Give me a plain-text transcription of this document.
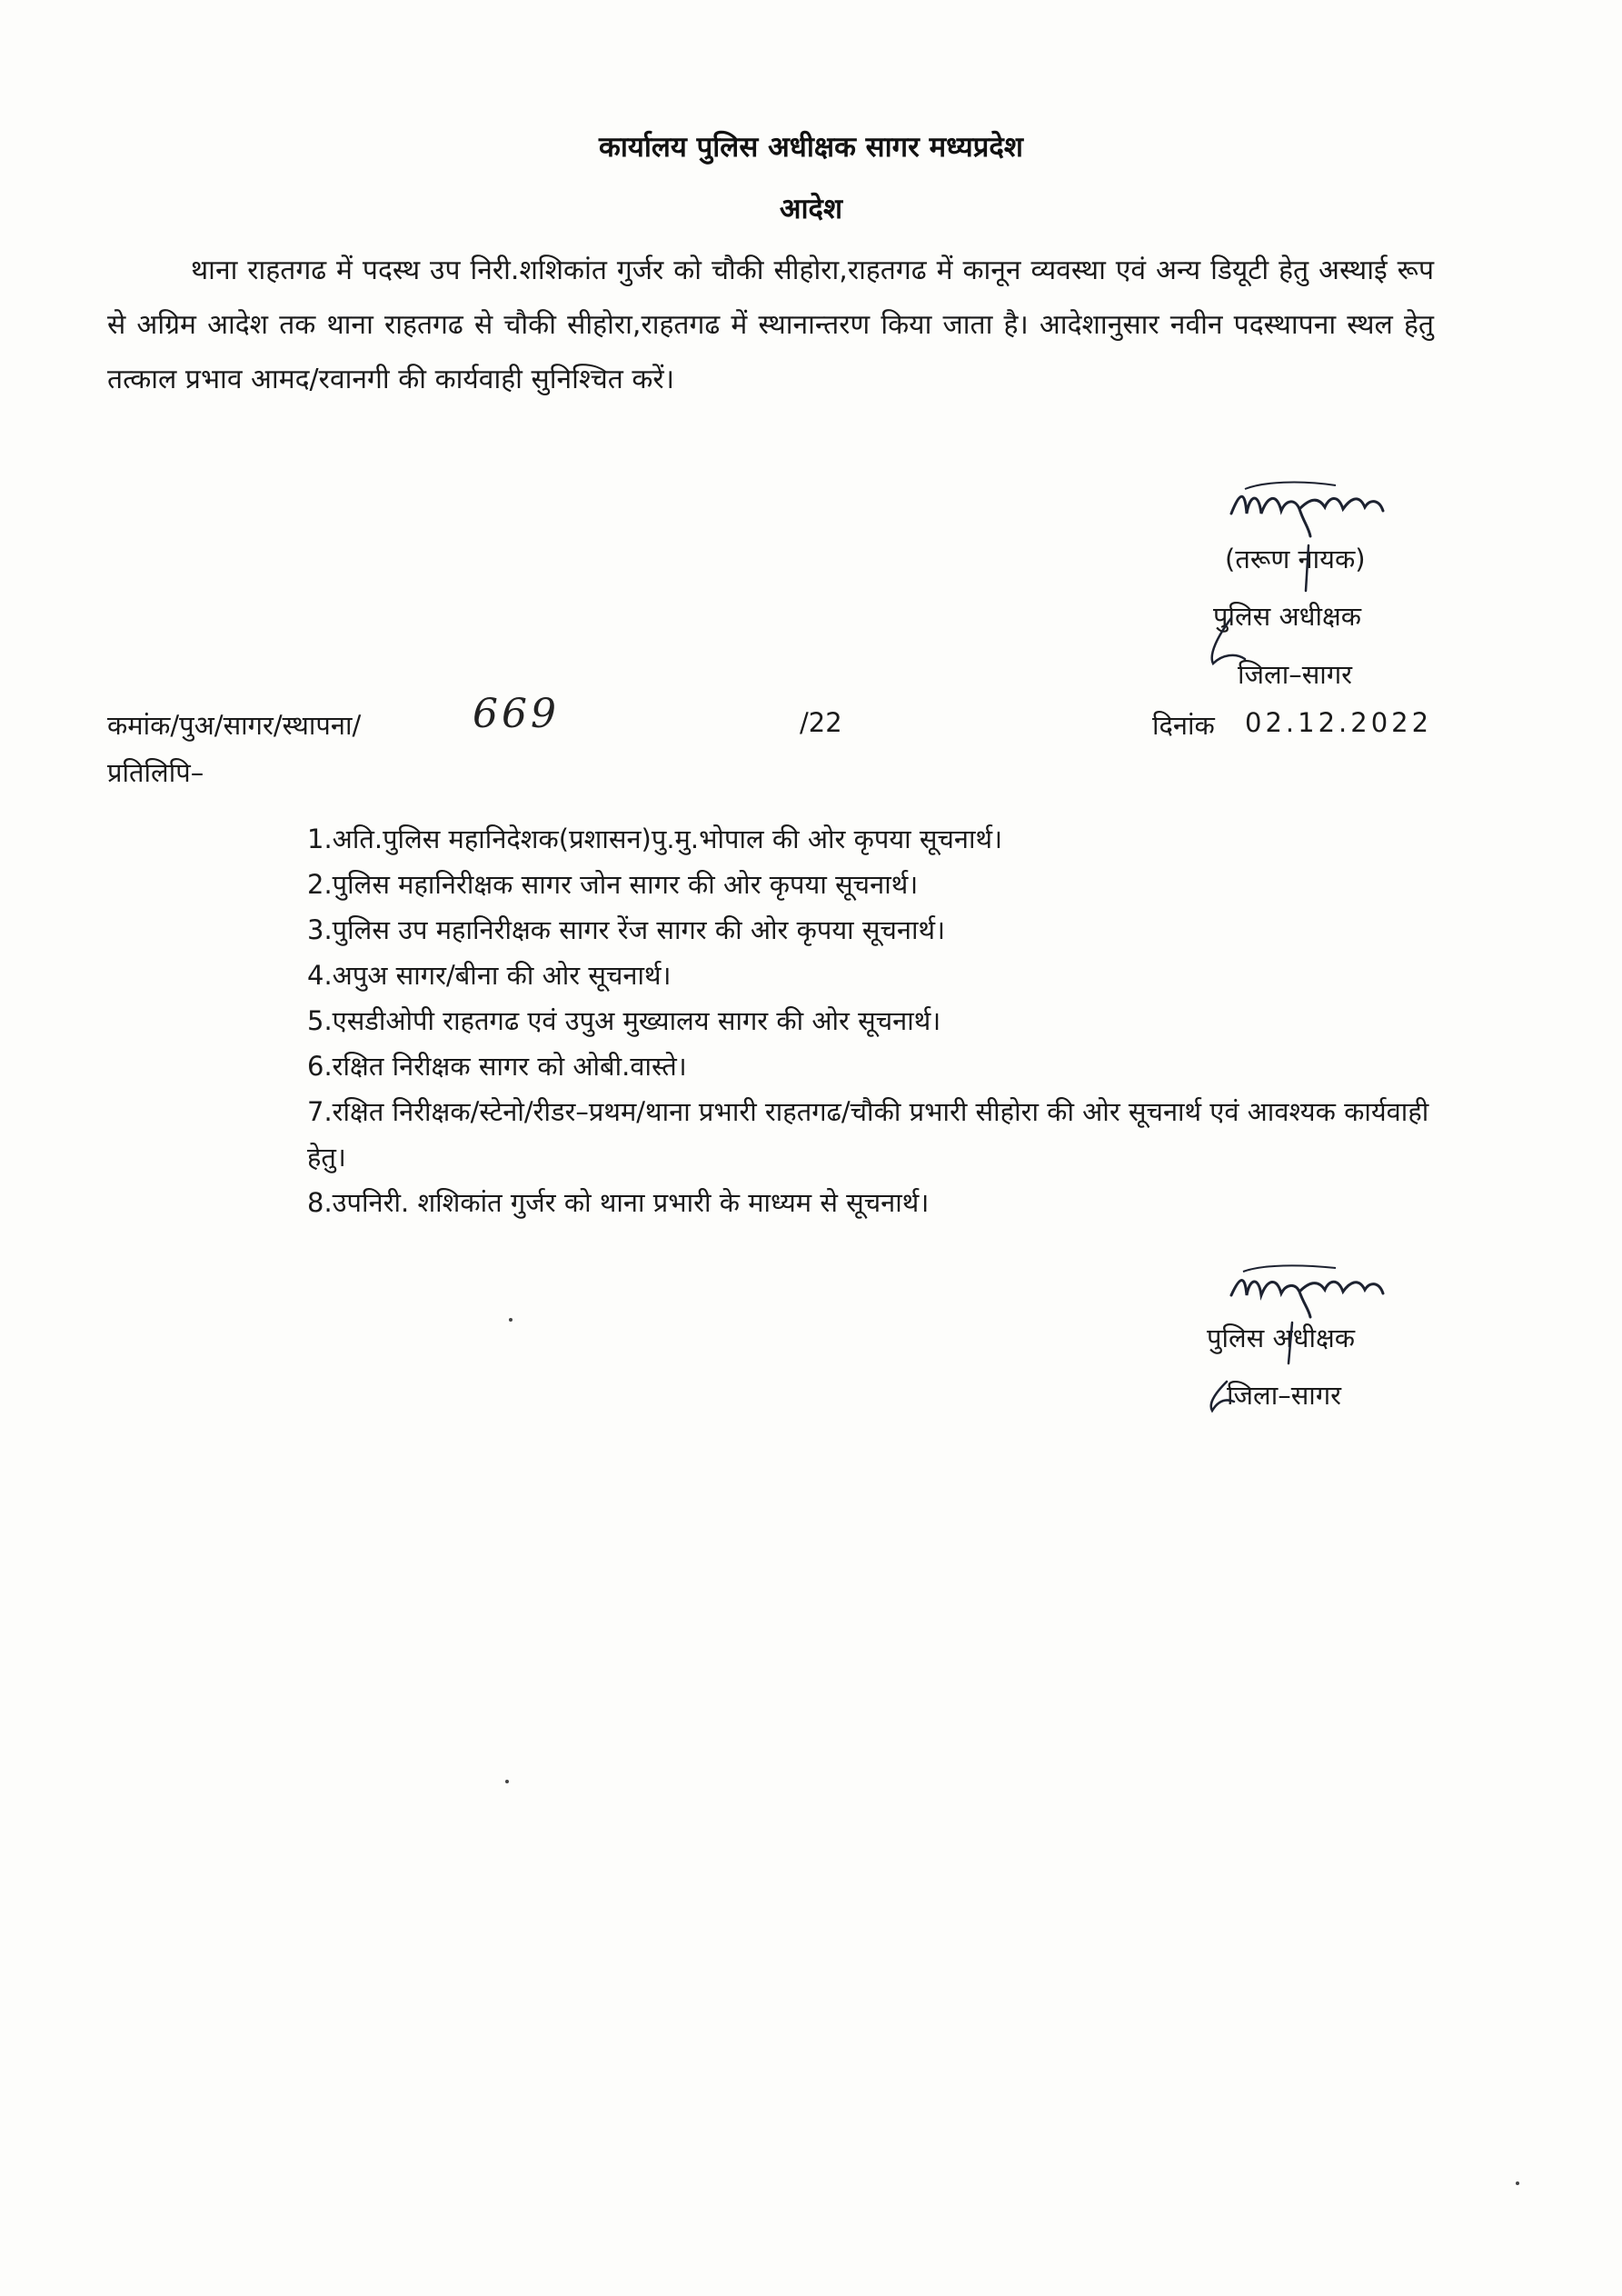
कार्यालय पुलिस अधीक्षक सागर मध्यप्रदेश
आदेश
थाना राहतगढ में पदस्थ उप निरी.शशिकांत गुर्जर को चौकी सीहोरा,राहतगढ में कानून व्यवस्था एवं अन्य डियूटी हेतु अस्थाई रूप से अग्रिम आदेश तक थाना राहतगढ से चौकी सीहोरा,राहतगढ में स्थानान्तरण किया जाता है। आदेशानुसार नवीन पदस्थापना स्थल हेतु तत्काल प्रभाव आमद/रवानगी की कार्यवाही सुनिश्चित करें।
(तरूण नायक)
पुलिस अधीक्षक
जिला–सागर
कमांक/पुअ/सागर/स्थापना/	669	/22	दिनांक 02.12.2022
प्रतिलिपि–
1.अति.पुलिस महानिदेशक(प्रशासन)पु.मु.भोपाल की ओर कृपया सूचनार्थ।
2.पुलिस महानिरीक्षक सागर जोन सागर की ओर कृपया सूचनार्थ।
3.पुलिस उप महानिरीक्षक सागर रेंज सागर की ओर कृपया सूचनार्थ।
4.अपुअ सागर/बीना की ओर सूचनार्थ।
5.एसडीओपी राहतगढ एवं उपुअ मुख्यालय सागर की ओर सूचनार्थ।
6.रक्षित निरीक्षक सागर को ओबी.वास्ते।
7.रक्षित निरीक्षक/स्टेनो/रीडर–प्रथम/थाना प्रभारी राहतगढ/चौकी प्रभारी सीहोरा की ओर सूचनार्थ एवं आवश्यक कार्यवाही हेतु।
8.उपनिरी. शशिकांत गुर्जर को थाना प्रभारी के माध्यम से सूचनार्थ।
पुलिस अधीक्षक
जिला–सागर
